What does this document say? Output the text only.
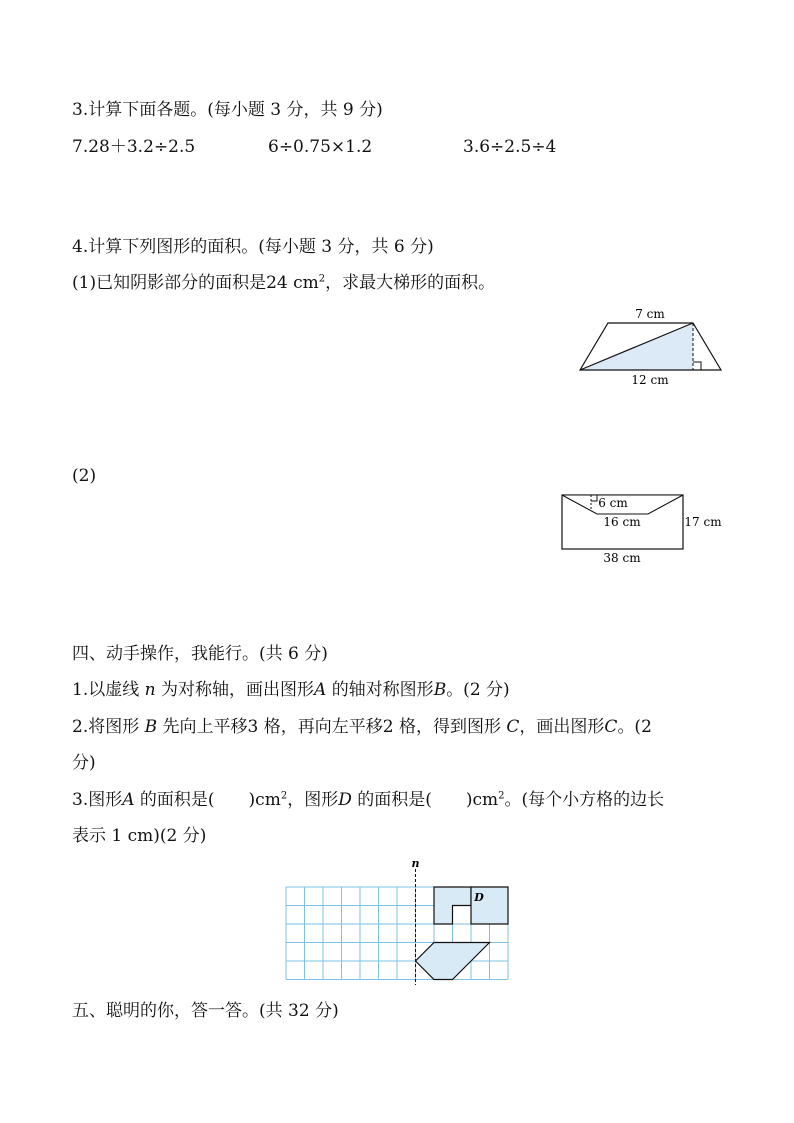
3.计算下面各题。(每小题 3 分，共 9 分)
7.28＋3.2÷2.5	6÷0.75×1.2	3.6÷2.5÷4
4.计算下列图形的面积。(每小题 3 分，共 6 分)
(1)已知阴影部分的面积是24 $cm^2$，求最大梯形的面积。
7 cm
12 cm
(2)
6 cm
16 cm	17 cm
38 cm
四、动手操作，我能行。(共 6 分)
1.以虚线 n 为对称轴，画出图形A 的轴对称图形B。(2 分)
2.将图形 B 先向上平移3 格，再向左平移2 格，得到图形 C，画出图形C。(2
分)
3.图形A 的面积是(　　)$cm^2$，图形D 的面积是(　　)$cm^2$。(每个小方格的边长
表示 1 cm)(2 分)
n
D
五、聪明的你，答一答。(共 32 分)
